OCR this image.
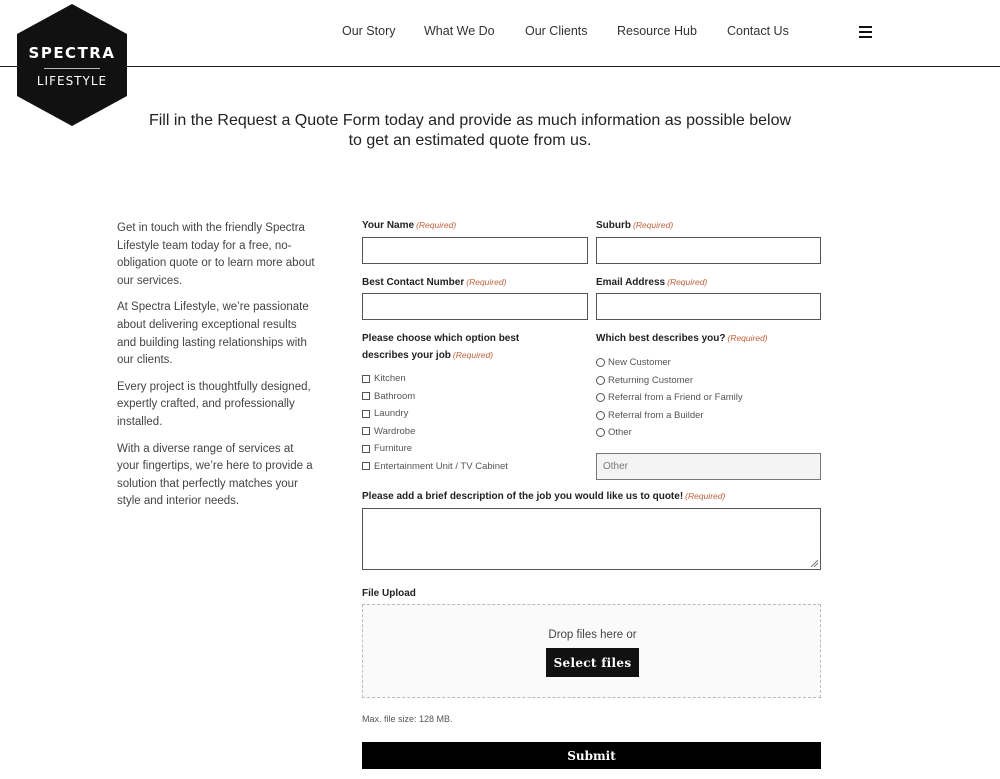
SPECTRA
LIFESTYLE
Our Story What We Do Our Clients Resource Hub Contact Us
Fill in the Request a Quote Form today and provide as much information as possible below
to get an estimated quote from us.

Get in touch with the friendly Spectra Lifestyle team today for a free, no-obligation quote or to learn more about our services.

At Spectra Lifestyle, we’re passionate about delivering exceptional results and building lasting relationships with our clients.

Every project is thoughtfully designed, expertly crafted, and professionally installed.

With a diverse range of services at your fingertips, we’re here to provide a solution that perfectly matches your style and interior needs.

Your Name (Required)	Suburb (Required)
Best Contact Number (Required)	Email Address (Required)
Please choose which option best describes your job (Required)
Kitchen
Bathroom
Laundry
Wardrobe
Furniture
Entertainment Unit / TV Cabinet
Which best describes you? (Required)
New Customer
Returning Customer
Referral from a Friend or Family
Referral from a Builder
Other
Other
Please add a brief description of the job you would like us to quote! (Required)
File Upload
Drop files here or
Select files
Max. file size: 128 MB.
Submit
